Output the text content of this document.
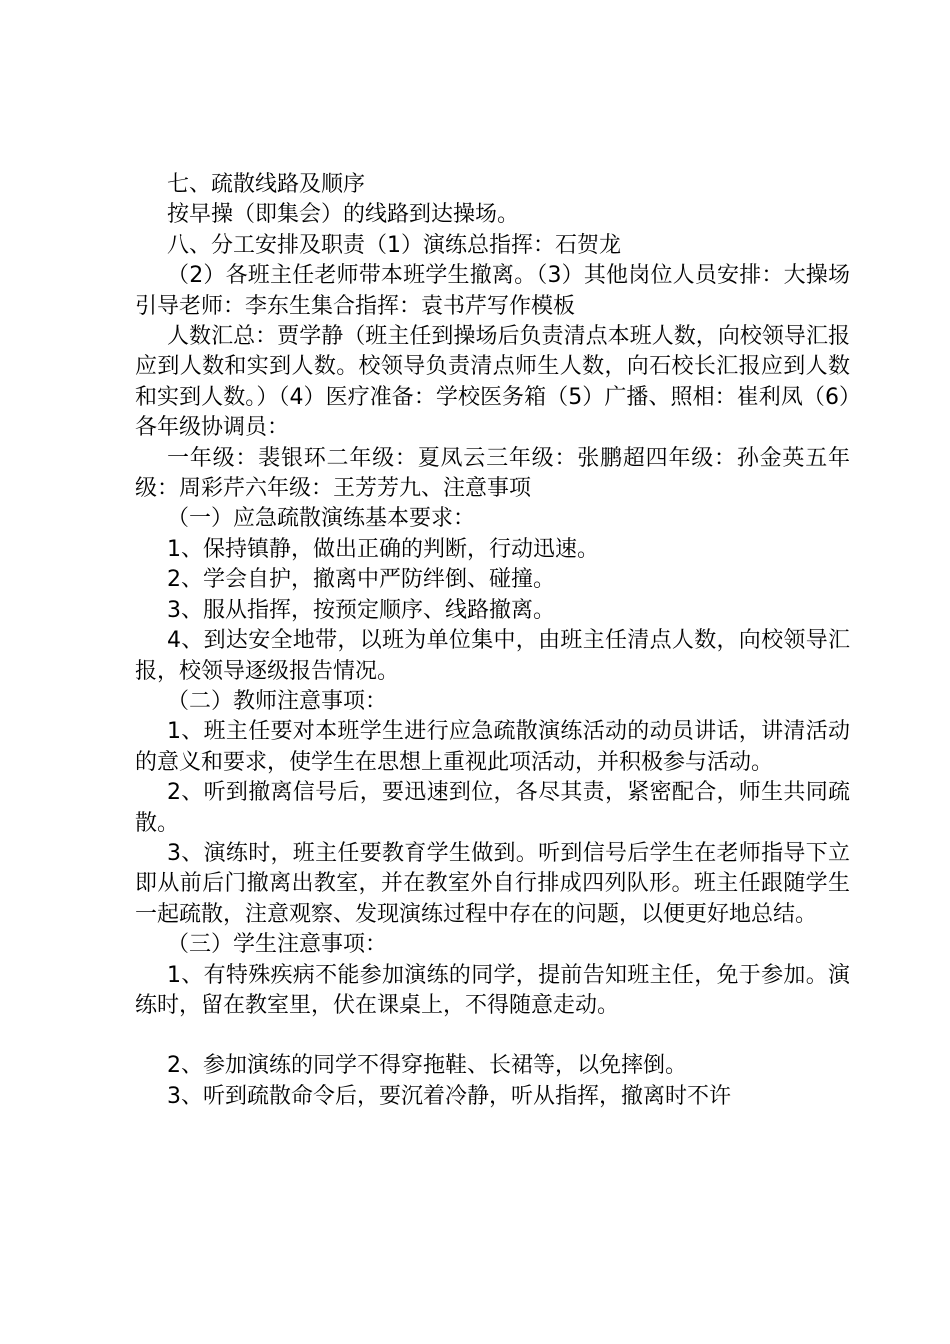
七、疏散线路及顺序

按早操（即集会）的线路到达操场。

八、分工安排及职责（1）演练总指挥：石贺龙

（2）各班主任老师带本班学生撤离。（3）其他岗位人员安排：大操场引导老师：李东生集合指挥：袁书芹写作模板

人数汇总：贾学静（班主任到操场后负责清点本班人数，向校领导汇报应到人数和实到人数。校领导负责清点师生人数，向石校长汇报应到人数和实到人数。）（4）医疗准备：学校医务箱（5）广播、照相：崔利凤（6）各年级协调员：

一年级：裴银环二年级：夏凤云三年级：张鹏超四年级：孙金英五年级：周彩芹六年级：王芳芳九、注意事项

（一）应急疏散演练基本要求：

1、保持镇静，做出正确的判断，行动迅速。

2、学会自护，撤离中严防绊倒、碰撞。

3、服从指挥，按预定顺序、线路撤离。

4、到达安全地带，以班为单位集中，由班主任清点人数，向校领导汇报，校领导逐级报告情况。

（二）教师注意事项：

1、班主任要对本班学生进行应急疏散演练活动的动员讲话，讲清活动的意义和要求，使学生在思想上重视此项活动，并积极参与活动。

2、听到撤离信号后，要迅速到位，各尽其责，紧密配合，师生共同疏散。

3、演练时，班主任要教育学生做到。听到信号后学生在老师指导下立即从前后门撤离出教室，并在教室外自行排成四列队形。班主任跟随学生一起疏散，注意观察、发现演练过程中存在的问题，以便更好地总结。

（三）学生注意事项：

1、有特殊疾病不能参加演练的同学，提前告知班主任，免于参加。演练时，留在教室里，伏在课桌上，不得随意走动。

2、参加演练的同学不得穿拖鞋、长裙等，以免摔倒。

3、听到疏散命令后，要沉着冷静，听从指挥，撤离时不许
